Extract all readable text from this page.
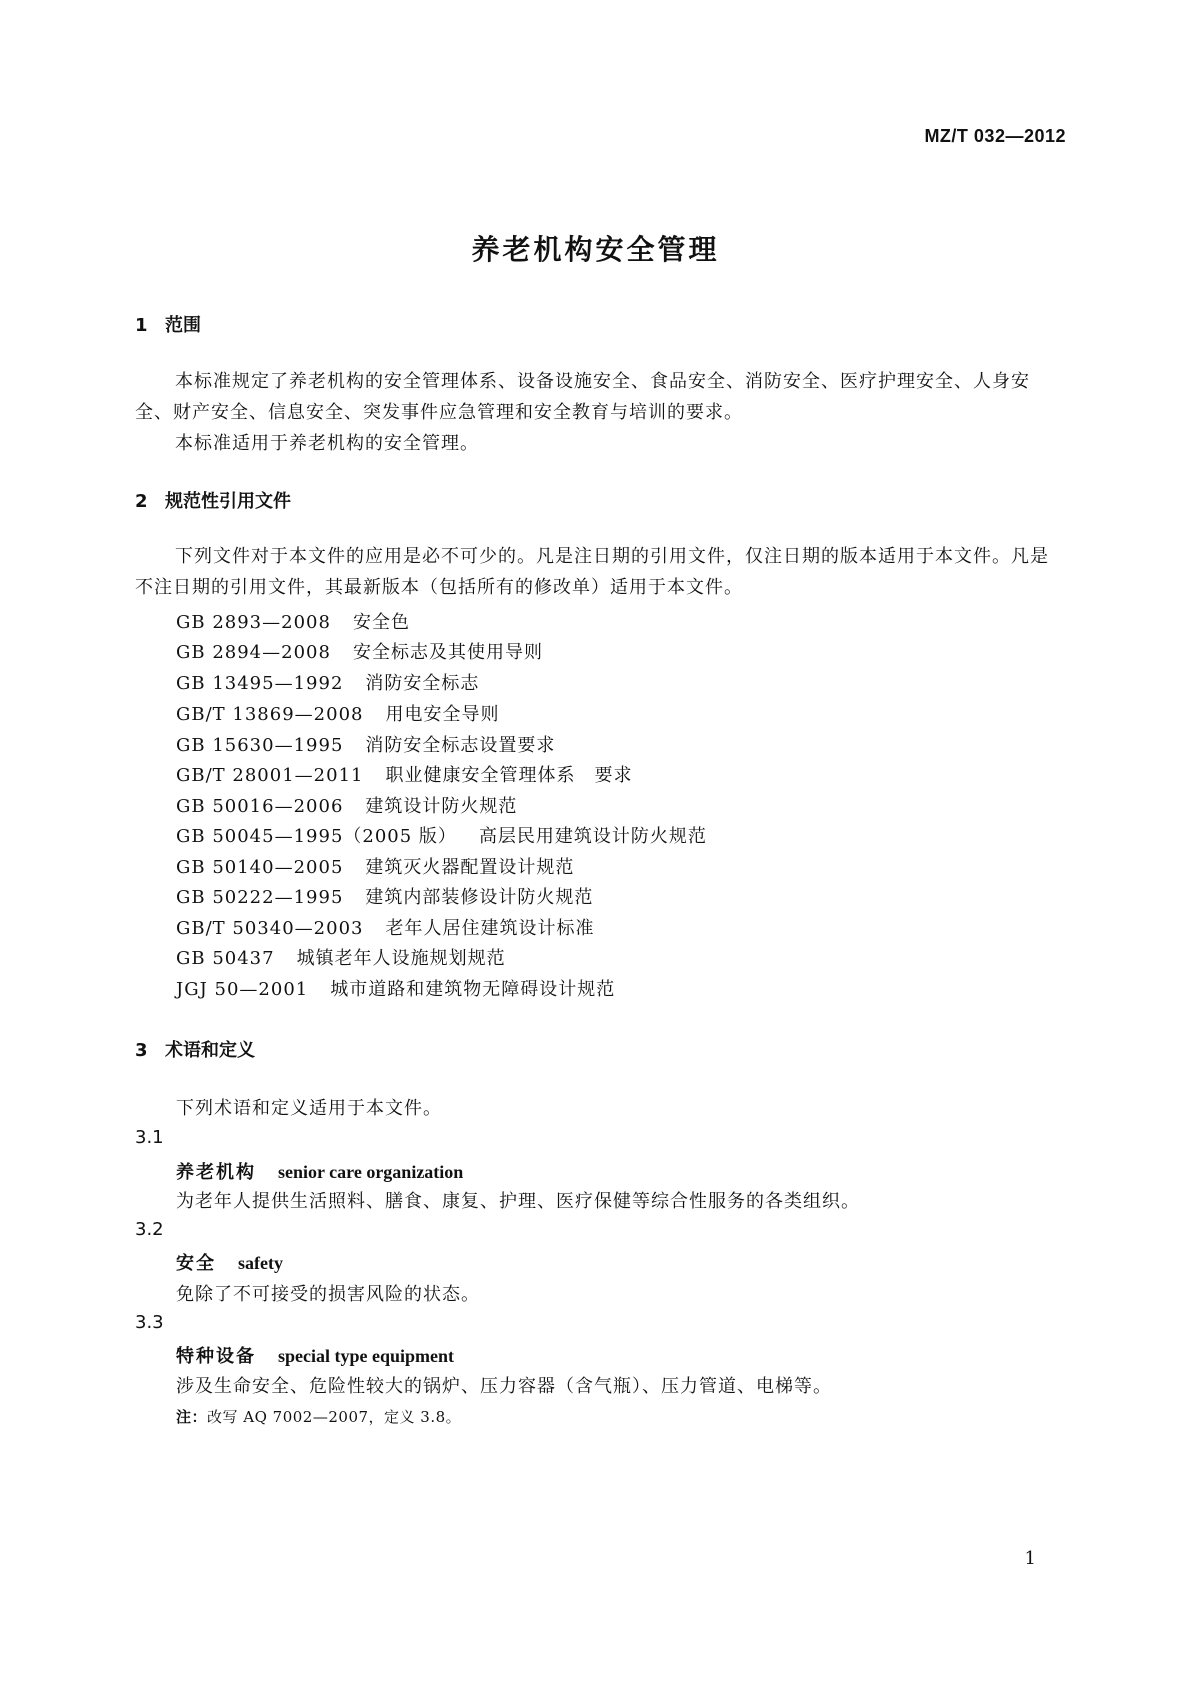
MZ/T 032—2012
养老机构安全管理
1 范围

本标准规定了养老机构的安全管理体系、设备设施安全、食品安全、消防安全、医疗护理安全、人身安全、财产安全、信息安全、突发事件应急管理和安全教育与培训的要求。

本标准适用于养老机构的安全管理。

2 规范性引用文件

下列文件对于本文件的应用是必不可少的。凡是注日期的引用文件，仅注日期的版本适用于本文件。凡是不注日期的引用文件，其最新版本（包括所有的修改单）适用于本文件。

GB 2893—2008 安全色
GB 2894—2008 安全标志及其使用导则
GB 13495—1992 消防安全标志
GB/T 13869—2008 用电安全导则
GB 15630—1995 消防安全标志设置要求
GB/T 28001—2011 职业健康安全管理体系　要求
GB 50016—2006 建筑设计防火规范
GB 50045—1995（2005 版） 高层民用建筑设计防火规范
GB 50140—2005 建筑灭火器配置设计规范
GB 50222—1995 建筑内部装修设计防火规范
GB/T 50340—2003 老年人居住建筑设计标准
GB 50437 城镇老年人设施规划规范
JGJ 50—2001 城市道路和建筑物无障碍设计规范
3 术语和定义
下列术语和定义适用于本文件。
3.1
养老机构 senior care organization
为老年人提供生活照料、膳食、康复、护理、医疗保健等综合性服务的各类组织。
3.2
安全 safety
免除了不可接受的损害风险的状态。
3.3
特种设备 special type equipment
涉及生命安全、危险性较大的锅炉、压力容器（含气瓶）、压力管道、电梯等。
注：改写 AQ 7002—2007，定义 3.8。
1
